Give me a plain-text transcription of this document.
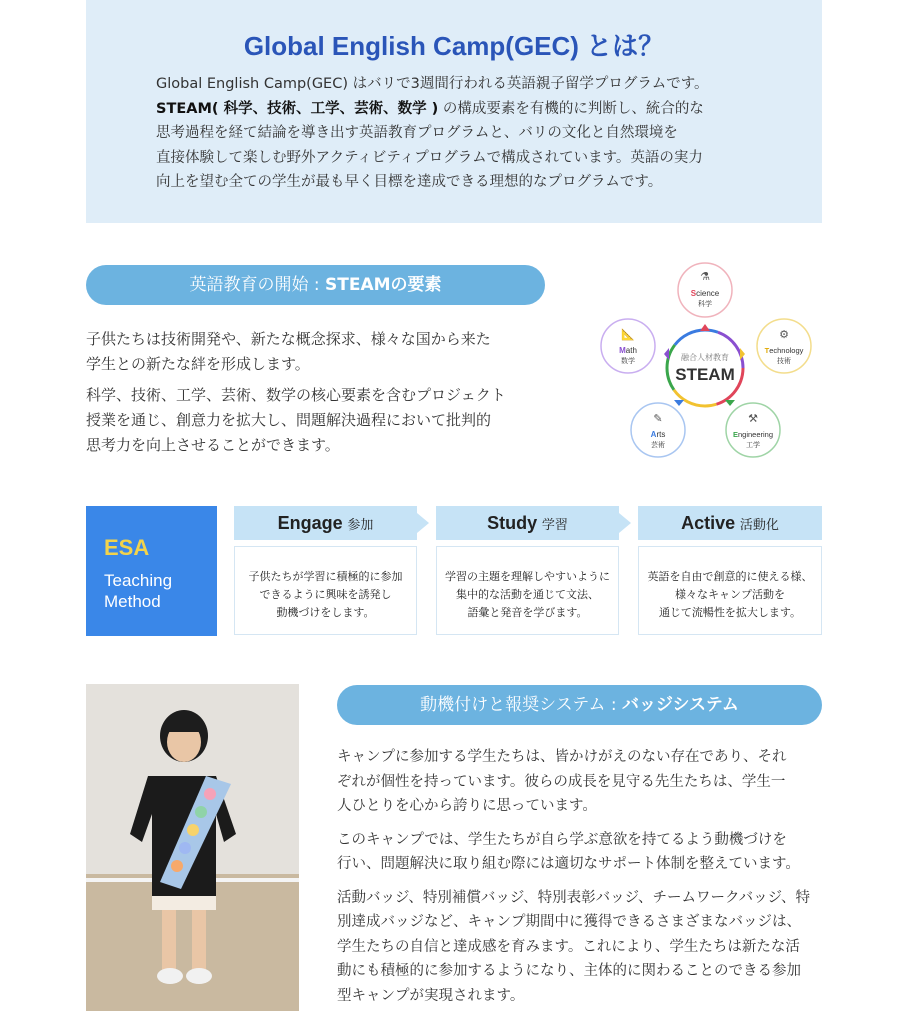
Global English Camp(GEC) とは？
Global English Camp(GEC) はバリで3週間行われる英語親子留学プログラムです。
STEAM( 科学、技術、工学、芸術、数学 ) の構成要素を有機的に判断し、統合的な
思考過程を経て結論を導き出す英語教育プログラムと、バリの文化と自然環境を
直接体験して楽しむ野外アクティビティプログラムで構成されています。英語の実力
向上を望む全ての学生が最も早く目標を達成できる理想的なプログラムです。
英語教育の開始 : STEAMの要素

子供たちは技術開発や、新たな概念探求、様々な国から来た
学生との新たな絆を形成します。

科学、技術、工学、芸術、数学の核心要素を含むプロジェクト
授業を通じ、創意力を拡大し、問題解決過程において批判的
思考力を向上させることができます。

融合人材教育
STEAM
⚗
Science
科学
⚙
Technology
技術
⚒
Engineering
工学
✎
Arts
芸術
📐
Math
数学
ESA
Teaching
Method
Engage 参加	Study 学習	Active 活動化
子供たちが学習に積極的に参加
できるように興味を誘発し
動機づけをします。
学習の主題を理解しやすいように
集中的な活動を通じて文法、
語彙と発音を学びます。
英語を自由で創意的に使える様、
様々なキャンプ活動を
通じて流暢性を拡大します。
動機付けと報奨システム : バッジシステム

キャンプに参加する学生たちは、皆かけがえのない存在であり、それ
ぞれが個性を持っています。彼らの成長を見守る先生たちは、学生一
人ひとりを心から誇りに思っています。

このキャンプでは、学生たちが自ら学ぶ意欲を持てるよう動機づけを
行い、問題解決に取り組む際には適切なサポート体制を整えています。

活動バッジ、特別補償バッジ、特別表彰バッジ、チームワークバッジ、特
別達成バッジなど、キャンプ期間中に獲得できるさまざまなバッジは、
学生たちの自信と達成感を育みます。これにより、学生たちは新たな活
動にも積極的に参加するようになり、主体的に関わることのできる参加
型キャンプが実現されます。
